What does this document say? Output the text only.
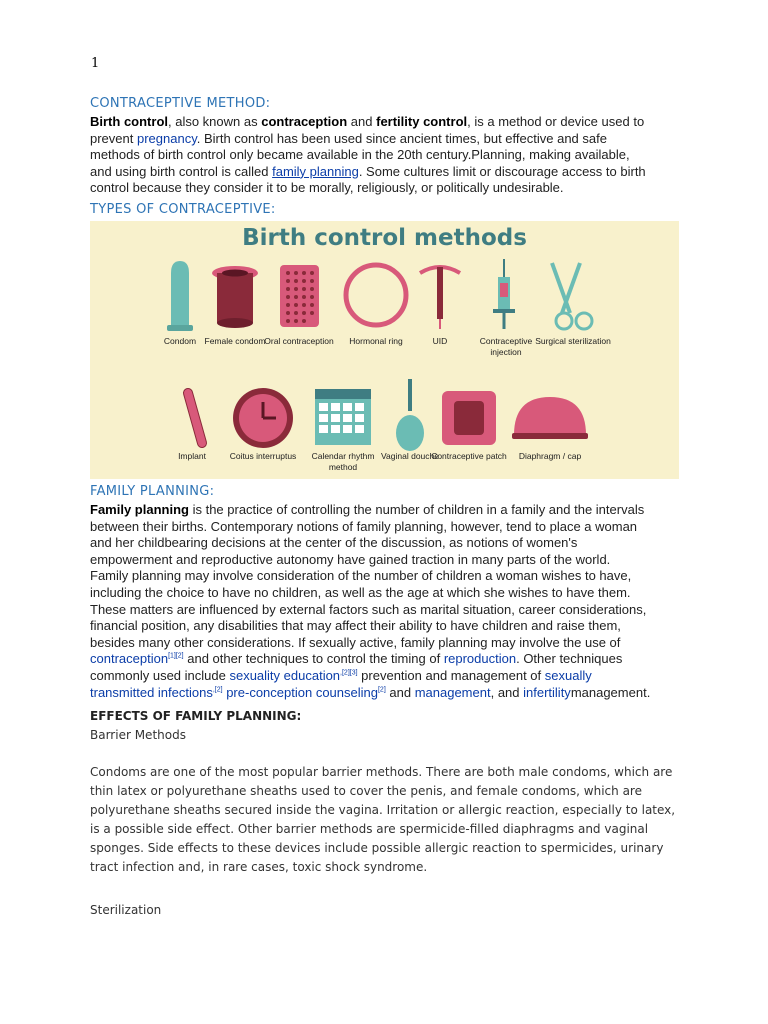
1
CONTRACEPTIVE METHOD:
Birth control, also known as contraception and fertility control, is a method or device used to prevent pregnancy. Birth control has been used since ancient times, but effective and safe methods of birth control only became available in the 20th century.Planning, making available, and using birth control is called family planning. Some cultures limit or discourage access to birth control because they consider it to be morally, religiously, or politically undesirable.
TYPES OF CONTRACEPTIVE:
Birth control methods
Condom Female condom
Oral contraception	Hormonal ring	UID	Contraceptive injection
Surgical sterilization
Implant	Coitus interruptus	Calendar rhythm method
Vaginal douche
Contraceptive patch	Diaphragm / cap
FAMILY PLANNING:
Family planning is the practice of controlling the number of children in a family and the intervals between their births. Contemporary notions of family planning, however, tend to place a woman and her childbearing decisions at the center of the discussion, as notions of women's empowerment and reproductive autonomy have gained traction in many parts of the world. Family planning may involve consideration of the number of children a woman wishes to have, including the choice to have no children, as well as the age at which she wishes to have them. These matters are influenced by external factors such as marital situation, career considerations, financial position, any disabilities that may affect their ability to have children and raise them, besides many other considerations. If sexually active, family planning may involve the use of contraception[1][2] and other techniques to control the timing of reproduction. Other techniques commonly used include sexuality education$^{,[2][3]}$ prevention and management of sexually transmitted infections$^{,[2]}$ pre-conception counseling[2] and management, and infertilitymanagement.
EFFECTS OF FAMILY PLANNING:
Barrier Methods
Condoms are one of the most popular barrier methods. There are both male condoms, which are thin latex or polyurethane sheaths used to cover the penis, and female condoms, which are polyurethane sheaths secured inside the vagina. Irritation or allergic reaction, especially to latex, is a possible side effect. Other barrier methods are spermicide-filled diaphragms and vaginal sponges. Side effects to these devices include possible allergic reaction to spermicides, urinary tract infection and, in rare cases, toxic shock syndrome.
Sterilization
